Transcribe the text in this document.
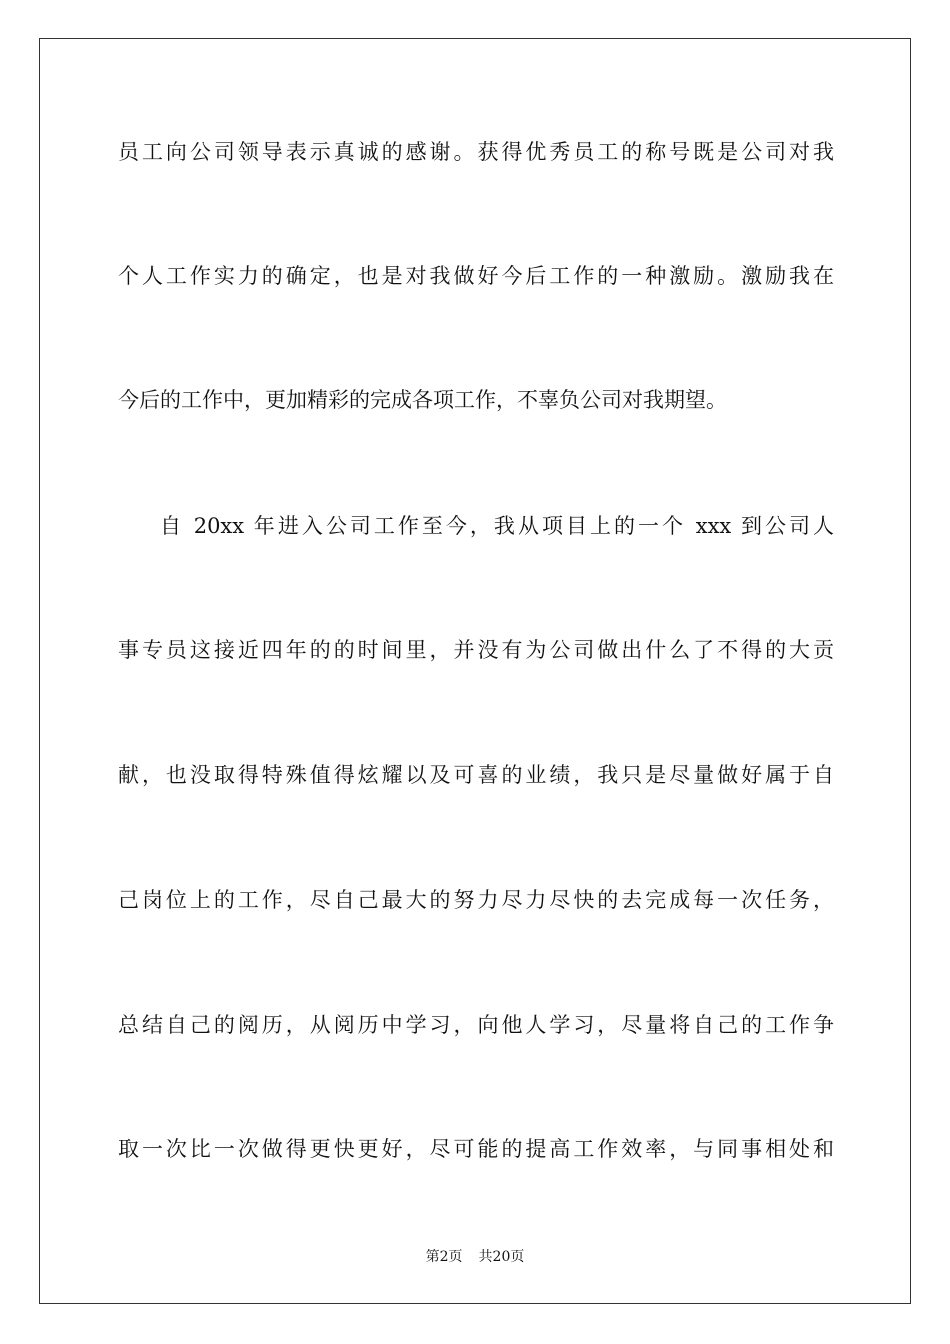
员工向公司领导表示真诚的感谢。获得优秀员工的称号既是公司对我
个人工作实力的确定，也是对我做好今后工作的一种激励。激励我在
今后的工作中，更加精彩的完成各项工作，不辜负公司对我期望。
自 20xx 年进入公司工作至今，我从项目上的一个 xxx 到公司人
事专员这接近四年的的时间里，并没有为公司做出什么了不得的大贡
献，也没取得特殊值得炫耀以及可喜的业绩，我只是尽量做好属于自
己岗位上的工作，尽自己最大的努力尽力尽快的去完成每一次任务，
总结自己的阅历，从阅历中学习，向他人学习，尽量将自己的工作争
取一次比一次做得更快更好，尽可能的提高工作效率，与同事相处和
第2页 共20页
